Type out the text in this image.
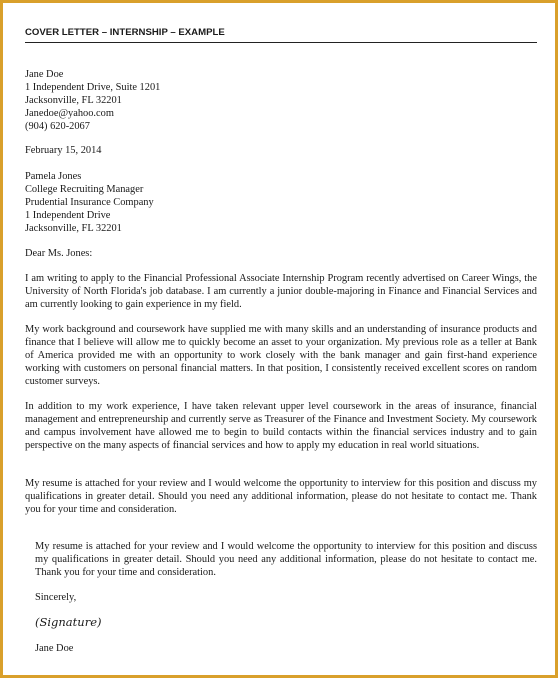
COVER LETTER – INTERNSHIP – EXAMPLE
Jane Doe
1 Independent Drive, Suite 1201
Jacksonville, FL 32201
Janedoe@yahoo.com
(904) 620-2067
February 15, 2014
Pamela Jones
College Recruiting Manager
Prudential Insurance Company
1 Independent Drive
Jacksonville, FL 32201
Dear Ms. Jones:
I am writing to apply to the Financial Professional Associate Internship Program recently advertised on Career Wings, the University of North Florida's job database. I am currently a junior double-majoring in Finance and Financial Services and am currently looking to gain experience in my field.
My work background and coursework have supplied me with many skills and an understanding of insurance products and finance that I believe will allow me to quickly become an asset to your organization. My previous role as a teller at Bank of America provided me with an opportunity to work closely with the bank manager and gain first-hand experience working with customers on personal financial matters. In that position, I consistently received excellent scores on random customer surveys.
In addition to my work experience, I have taken relevant upper level coursework in the areas of insurance, financial management and entrepreneurship and currently serve as Treasurer of the Finance and Investment Society. My coursework and campus involvement have allowed me to begin to build contacts within the financial services industry and to gain perspective on the many aspects of financial services and how to apply my education in real world situations.
My resume is attached for your review and I would welcome the opportunity to interview for this position and discuss my qualifications in greater detail. Should you need any additional information, please do not hesitate to contact me. Thank you for your time and consideration.
My resume is attached for your review and I would welcome the opportunity to interview for this position and discuss my qualifications in greater detail. Should you need any additional information, please do not hesitate to contact me. Thank you for your time and consideration.
Sincerely,
(Signature)
Jane Doe
